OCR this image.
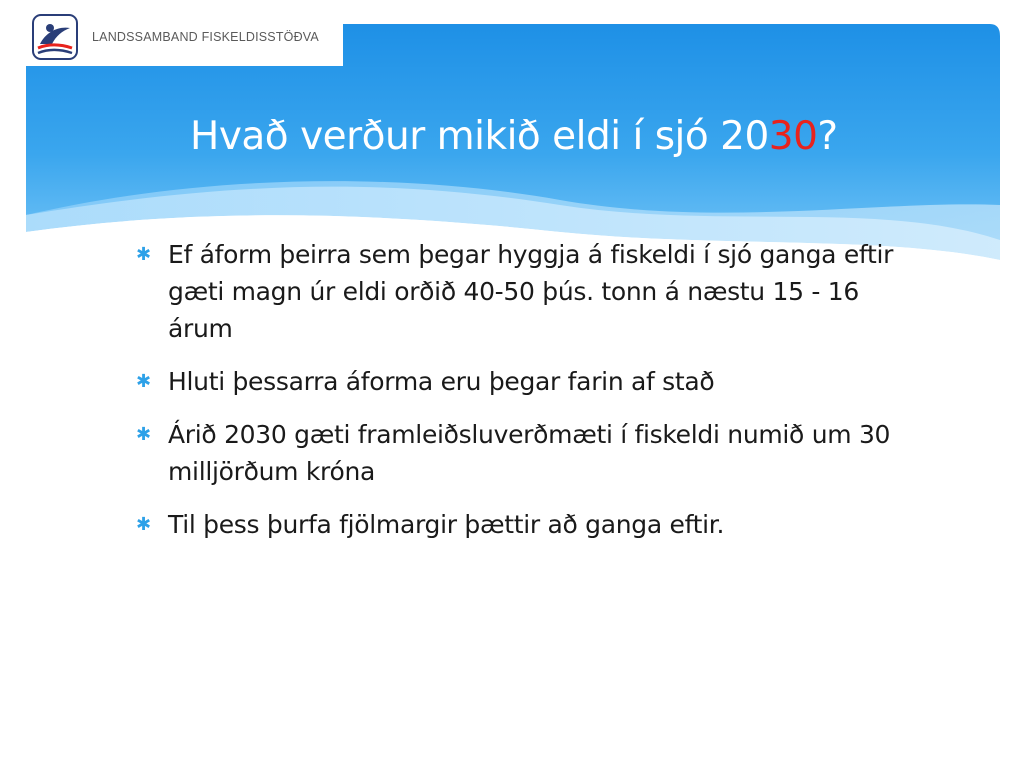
LANDSSAMBAND FISKELDISSTÖÐVA
Hvað verður mikið eldi í sjó 2030?
✱ Ef áform þeirra sem þegar hyggja á fiskeldi í sjó ganga eftir gæti magn úr eldi orðið 40-50 þús. tonn á næstu 15 - 16 árum
✱ Hluti þessarra áforma eru þegar farin af stað
✱ Árið 2030 gæti framleiðsluverðmæti í fiskeldi numið um 30 milljörðum króna
✱ Til þess þurfa fjölmargir þættir að ganga eftir.
